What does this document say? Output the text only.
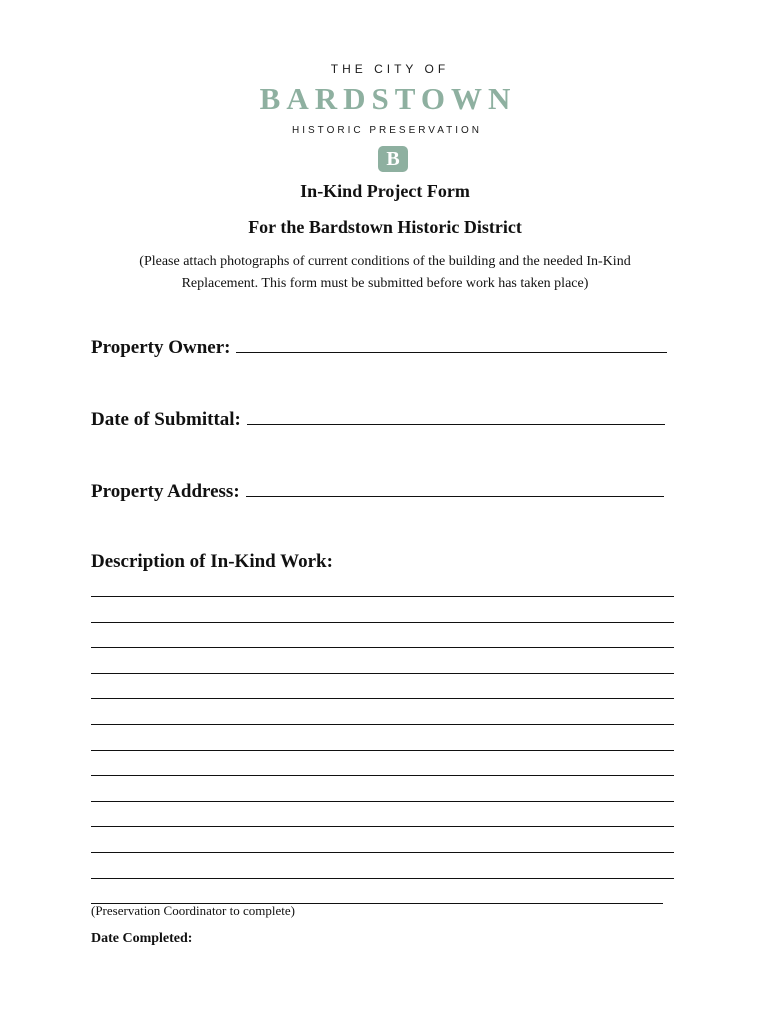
THE CITY OF
BARDSTOWN
HISTORIC PRESERVATION
B
In-Kind Project Form
For the Bardstown Historic District
(Please attach photographs of current conditions of the building and the needed In-Kind
Replacement. This form must be submitted before work has taken place)
Property Owner:
Date of Submittal:
Property Address:
Description of In-Kind Work:
(Preservation Coordinator to complete)
Date Completed:
